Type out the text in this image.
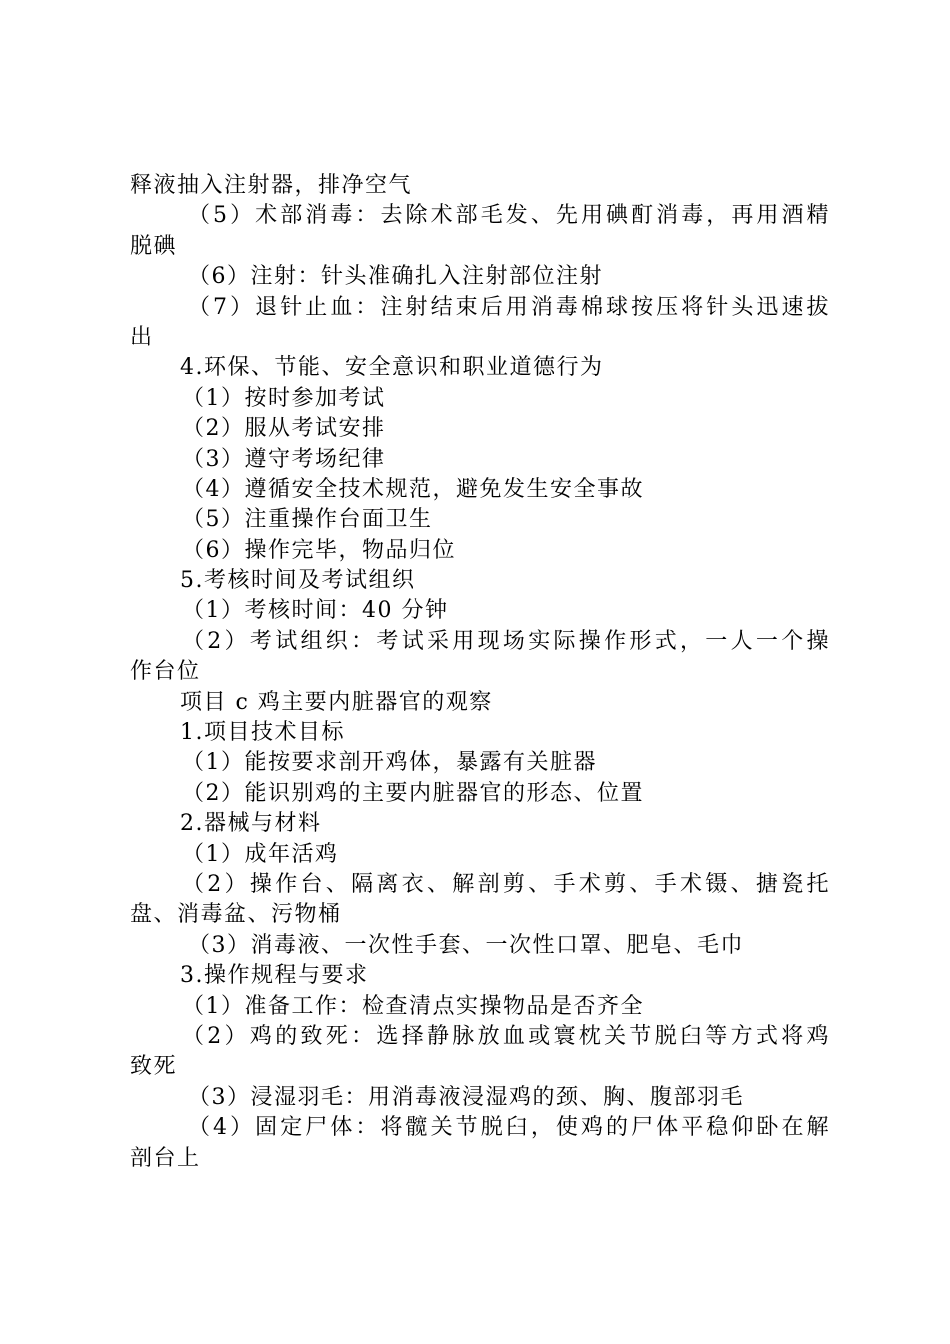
释液抽入注射器，排净空气
（5）术部消毒：去除术部毛发、先用碘酊消毒，再用酒精
脱碘
（6）注射：针头准确扎入注射部位注射
（7）退针止血：注射结束后用消毒棉球按压将针头迅速拔
出
4.环保、节能、安全意识和职业道德行为
（1）按时参加考试
（2）服从考试安排
（3）遵守考场纪律
（4）遵循安全技术规范，避免发生安全事故
（5）注重操作台面卫生
（6）操作完毕，物品归位
5.考核时间及考试组织
（1）考核时间：40 分钟
（2）考试组织：考试采用现场实际操作形式，一人一个操
作台位
项目 c 鸡主要内脏器官的观察
1.项目技术目标
（1）能按要求剖开鸡体，暴露有关脏器
（2）能识别鸡的主要内脏器官的形态、位置
2.器械与材料
（1）成年活鸡
（2）操作台、隔离衣、解剖剪、手术剪、手术镊、搪瓷托
盘、消毒盆、污物桶
（3）消毒液、一次性手套、一次性口罩、肥皂、毛巾
3.操作规程与要求
（1）准备工作：检查清点实操物品是否齐全
（2）鸡的致死：选择静脉放血或寰枕关节脱臼等方式将鸡
致死
（3）浸湿羽毛：用消毒液浸湿鸡的颈、胸、腹部羽毛
（4）固定尸体：将髋关节脱臼，使鸡的尸体平稳仰卧在解
剖台上
